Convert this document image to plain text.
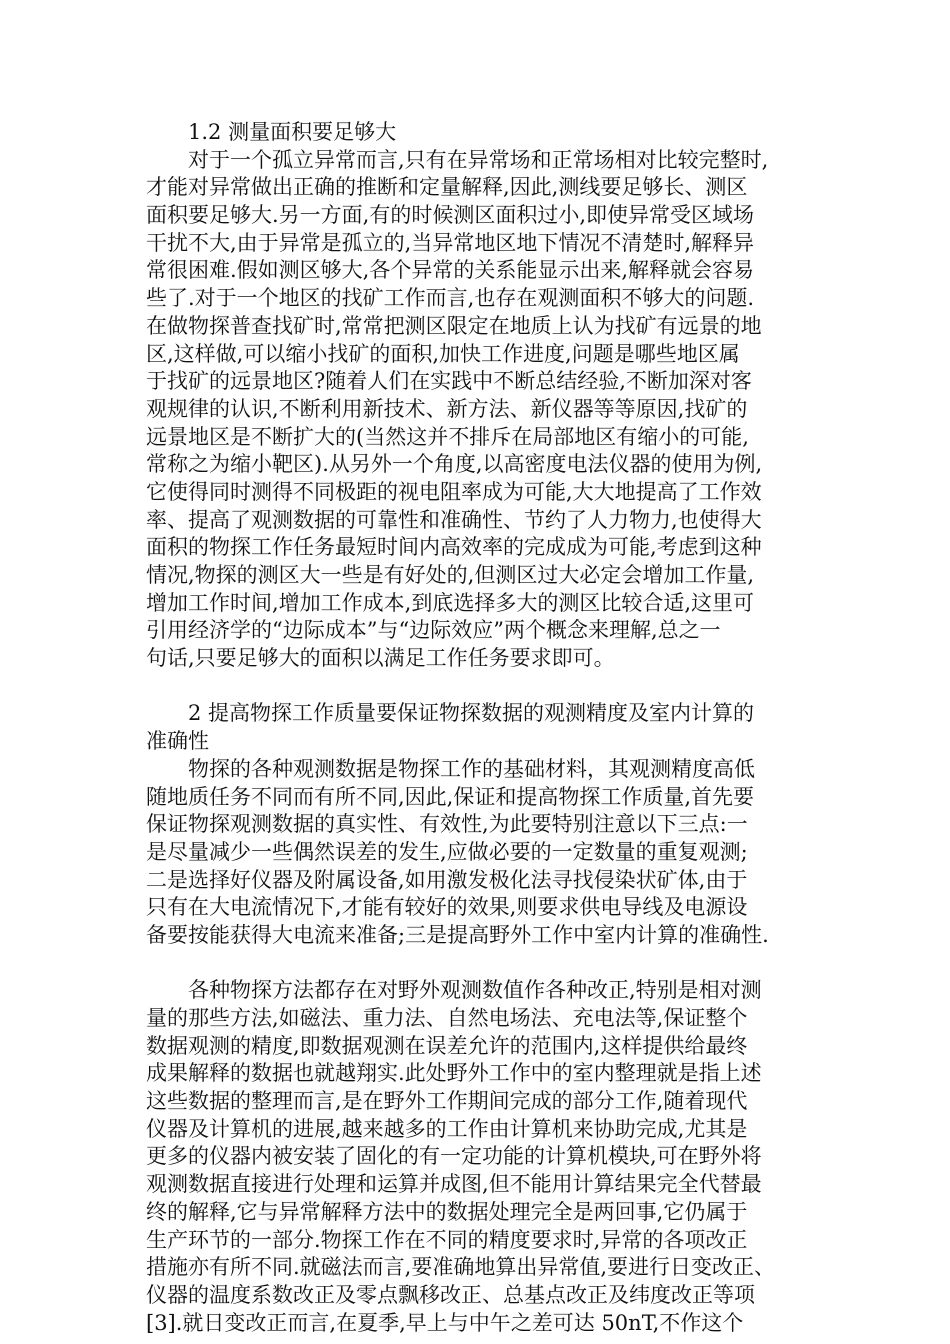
1.2 测量面积要足够大
对于一个孤立异常而言,只有在异常场和正常场相对比较完整时,
才能对异常做出正确的推断和定量解释,因此,测线要足够长、测区
面积要足够大.另一方面,有的时候测区面积过小,即使异常受区域场
干扰不大,由于异常是孤立的,当异常地区地下情况不清楚时,解释异
常很困难.假如测区够大,各个异常的关系能显示出来,解释就会容易
些了.对于一个地区的找矿工作而言,也存在观测面积不够大的问题.
在做物探普查找矿时,常常把测区限定在地质上认为找矿有远景的地
区,这样做,可以缩小找矿的面积,加快工作进度,问题是哪些地区属
于找矿的远景地区?随着人们在实践中不断总结经验,不断加深对客
观规律的认识,不断利用新技术、新方法、新仪器等等原因,找矿的
远景地区是不断扩大的(当然这并不排斥在局部地区有缩小的可能,
常称之为缩小靶区).从另外一个角度,以高密度电法仪器的使用为例,
它使得同时测得不同极距的视电阻率成为可能,大大地提高了工作效
率、提高了观测数据的可靠性和准确性、节约了人力物力,也使得大
面积的物探工作任务最短时间内高效率的完成成为可能,考虑到这种
情况,物探的测区大一些是有好处的,但测区过大必定会增加工作量,
增加工作时间,增加工作成本,到底选择多大的测区比较合适,这里可
引用经济学的“边际成本”与“边际效应”两个概念来理解,总之一
句话,只要足够大的面积以满足工作任务要求即可。
2 提高物探工作质量要保证物探数据的观测精度及室内计算的
准确性
物探的各种观测数据是物探工作的基础材料，其观测精度高低
随地质任务不同而有所不同,因此,保证和提高物探工作质量,首先要
保证物探观测数据的真实性、有效性,为此要特别注意以下三点:一
是尽量减少一些偶然误差的发生,应做必要的一定数量的重复观测;
二是选择好仪器及附属设备,如用激发极化法寻找侵染状矿体,由于
只有在大电流情况下,才能有较好的效果,则要求供电导线及电源设
备要按能获得大电流来准备;三是提高野外工作中室内计算的准确性.
各种物探方法都存在对野外观测数值作各种改正,特别是相对测
量的那些方法,如磁法、重力法、自然电场法、充电法等,保证整个
数据观测的精度,即数据观测在误差允许的范围内,这样提供给最终
成果解释的数据也就越翔实.此处野外工作中的室内整理就是指上述
这些数据的整理而言,是在野外工作期间完成的部分工作,随着现代
仪器及计算机的进展,越来越多的工作由计算机来协助完成,尤其是
更多的仪器内被安装了固化的有一定功能的计算机模块,可在野外将
观测数据直接进行处理和运算并成图,但不能用计算结果完全代替最
终的解释,它与异常解释方法中的数据处理完全是两回事,它仍属于
生产环节的一部分.物探工作在不同的精度要求时,异常的各项改正
措施亦有所不同.就磁法而言,要准确地算出异常值,要进行日变改正、
仪器的温度系数改正及零点飘移改正、总基点改正及纬度改正等项
[3].就日变改正而言,在夏季,早上与中午之差可达 50nT,不作这个
